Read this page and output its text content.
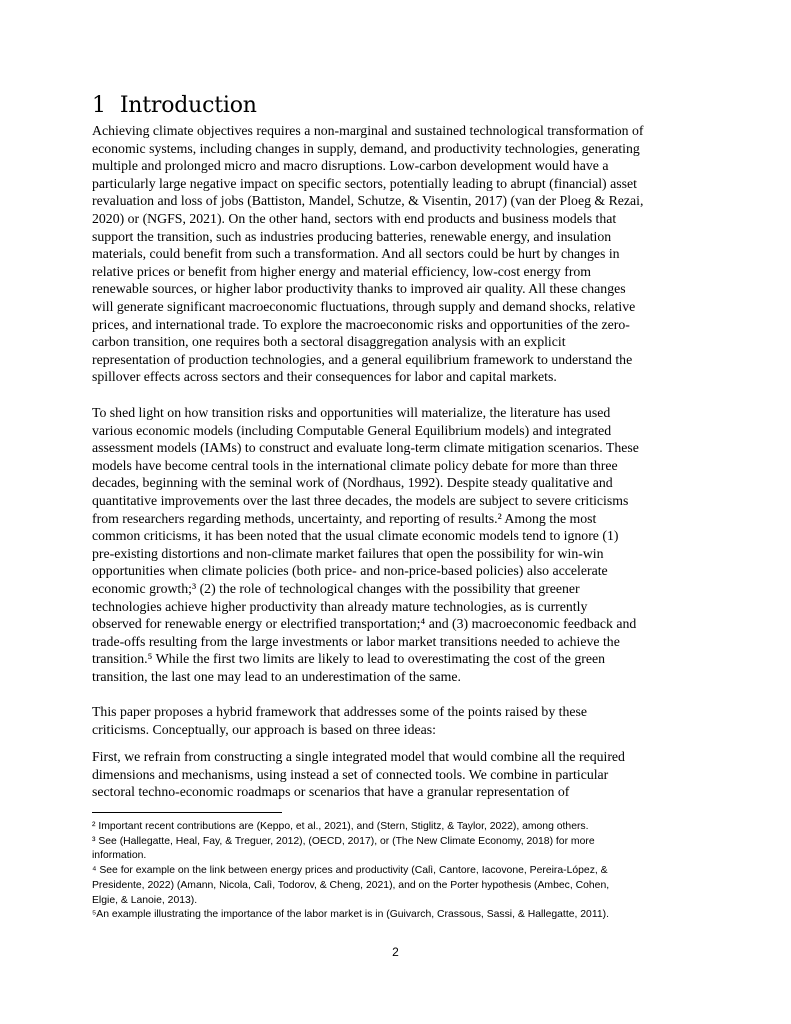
1 Introduction
Achieving climate objectives requires a non-marginal and sustained technological transformation of
economic systems, including changes in supply, demand, and productivity technologies, generating
multiple and prolonged micro and macro disruptions. Low-carbon development would have a
particularly large negative impact on specific sectors, potentially leading to abrupt (financial) asset
revaluation and loss of jobs (Battiston, Mandel, Schutze, & Visentin, 2017) (van der Ploeg & Rezai,
2020) or (NGFS, 2021). On the other hand, sectors with end products and business models that
support the transition, such as industries producing batteries, renewable energy, and insulation
materials, could benefit from such a transformation. And all sectors could be hurt by changes in
relative prices or benefit from higher energy and material efficiency, low-cost energy from
renewable sources, or higher labor productivity thanks to improved air quality. All these changes
will generate significant macroeconomic fluctuations, through supply and demand shocks, relative
prices, and international trade. To explore the macroeconomic risks and opportunities of the zero-
carbon transition, one requires both a sectoral disaggregation analysis with an explicit
representation of production technologies, and a general equilibrium framework to understand the
spillover effects across sectors and their consequences for labor and capital markets.
To shed light on how transition risks and opportunities will materialize, the literature has used
various economic models (including Computable General Equilibrium models) and integrated
assessment models (IAMs) to construct and evaluate long-term climate mitigation scenarios. These
models have become central tools in the international climate policy debate for more than three
decades, beginning with the seminal work of (Nordhaus, 1992). Despite steady qualitative and
quantitative improvements over the last three decades, the models are subject to severe criticisms
from researchers regarding methods, uncertainty, and reporting of results.² Among the most
common criticisms, it has been noted that the usual climate economic models tend to ignore (1)
pre-existing distortions and non-climate market failures that open the possibility for win-win
opportunities when climate policies (both price- and non-price-based policies) also accelerate
economic growth;³ (2) the role of technological changes with the possibility that greener
technologies achieve higher productivity than already mature technologies, as is currently
observed for renewable energy or electrified transportation;⁴ and (3) macroeconomic feedback and
trade-offs resulting from the large investments or labor market transitions needed to achieve the
transition.⁵ While the first two limits are likely to lead to overestimating the cost of the green
transition, the last one may lead to an underestimation of the same.
This paper proposes a hybrid framework that addresses some of the points raised by these
criticisms. Conceptually, our approach is based on three ideas:
First, we refrain from constructing a single integrated model that would combine all the required
dimensions and mechanisms, using instead a set of connected tools. We combine in particular
sectoral techno-economic roadmaps or scenarios that have a granular representation of
² Important recent contributions are (Keppo, et al., 2021), and (Stern, Stiglitz, & Taylor, 2022), among others.
³ See (Hallegatte, Heal, Fay, & Treguer, 2012), (OECD, 2017), or (The New Climate Economy, 2018) for more
information.
⁴ See for example on the link between energy prices and productivity (Calì, Cantore, Iacovone, Pereira-López, &
Presidente, 2022) (Amann, Nicola, Calì, Todorov, & Cheng, 2021), and on the Porter hypothesis (Ambec, Cohen,
Elgie, & Lanoie, 2013).
⁵An example illustrating the importance of the labor market is in (Guivarch, Crassous, Sassi, & Hallegatte, 2011).
2
